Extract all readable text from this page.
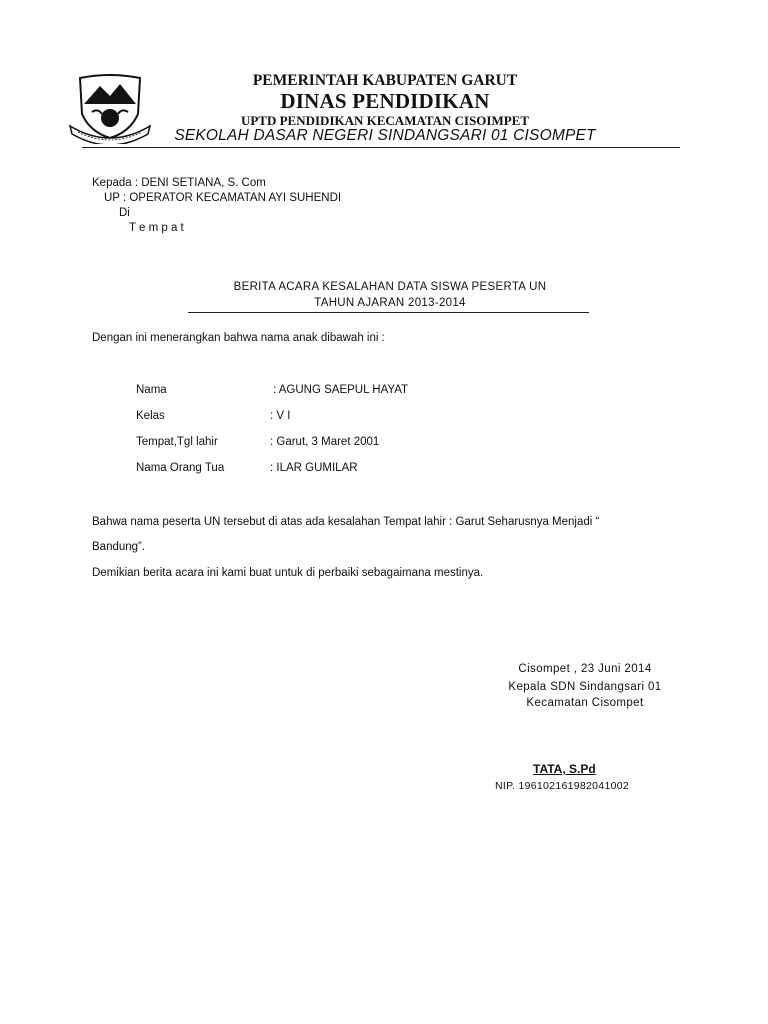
PEMERINTAH KABUPATEN GARUT
DINAS PENDIDIKAN
UPTD PENDIDIKAN KECAMATAN CISOIMPET
SEKOLAH DASAR NEGERI SINDANGSARI 01 CISOMPET
Kepada : DENI SETIANA, S. Com
UP : OPERATOR KECAMATAN AYI SUHENDI
Di
T e m p a t
BERITA ACARA KESALAHAN DATA SISWA PESERTA UN
TAHUN AJARAN 2013-2014
Dengan ini menerangkan bahwa nama anak dibawah ini :
Nama	: AGUNG SAEPUL HAYAT
Kelas	: V I
Tempat,Tgl lahir	: Garut, 3 Maret 2001
Nama Orang Tua	: ILAR GUMILAR
Bahwa nama peserta UN tersebut di atas ada kesalahan Tempat lahir : Garut Seharusnya Menjadi “
Bandung”.
Demikian berita acara ini kami buat untuk di perbaiki sebagaimana mestinya.
Cisompet , 23 Juni 2014
Kepala SDN Sindangsari 01
Kecamatan Cisompet
TATA, S.Pd
NIP. 196102161982041002
